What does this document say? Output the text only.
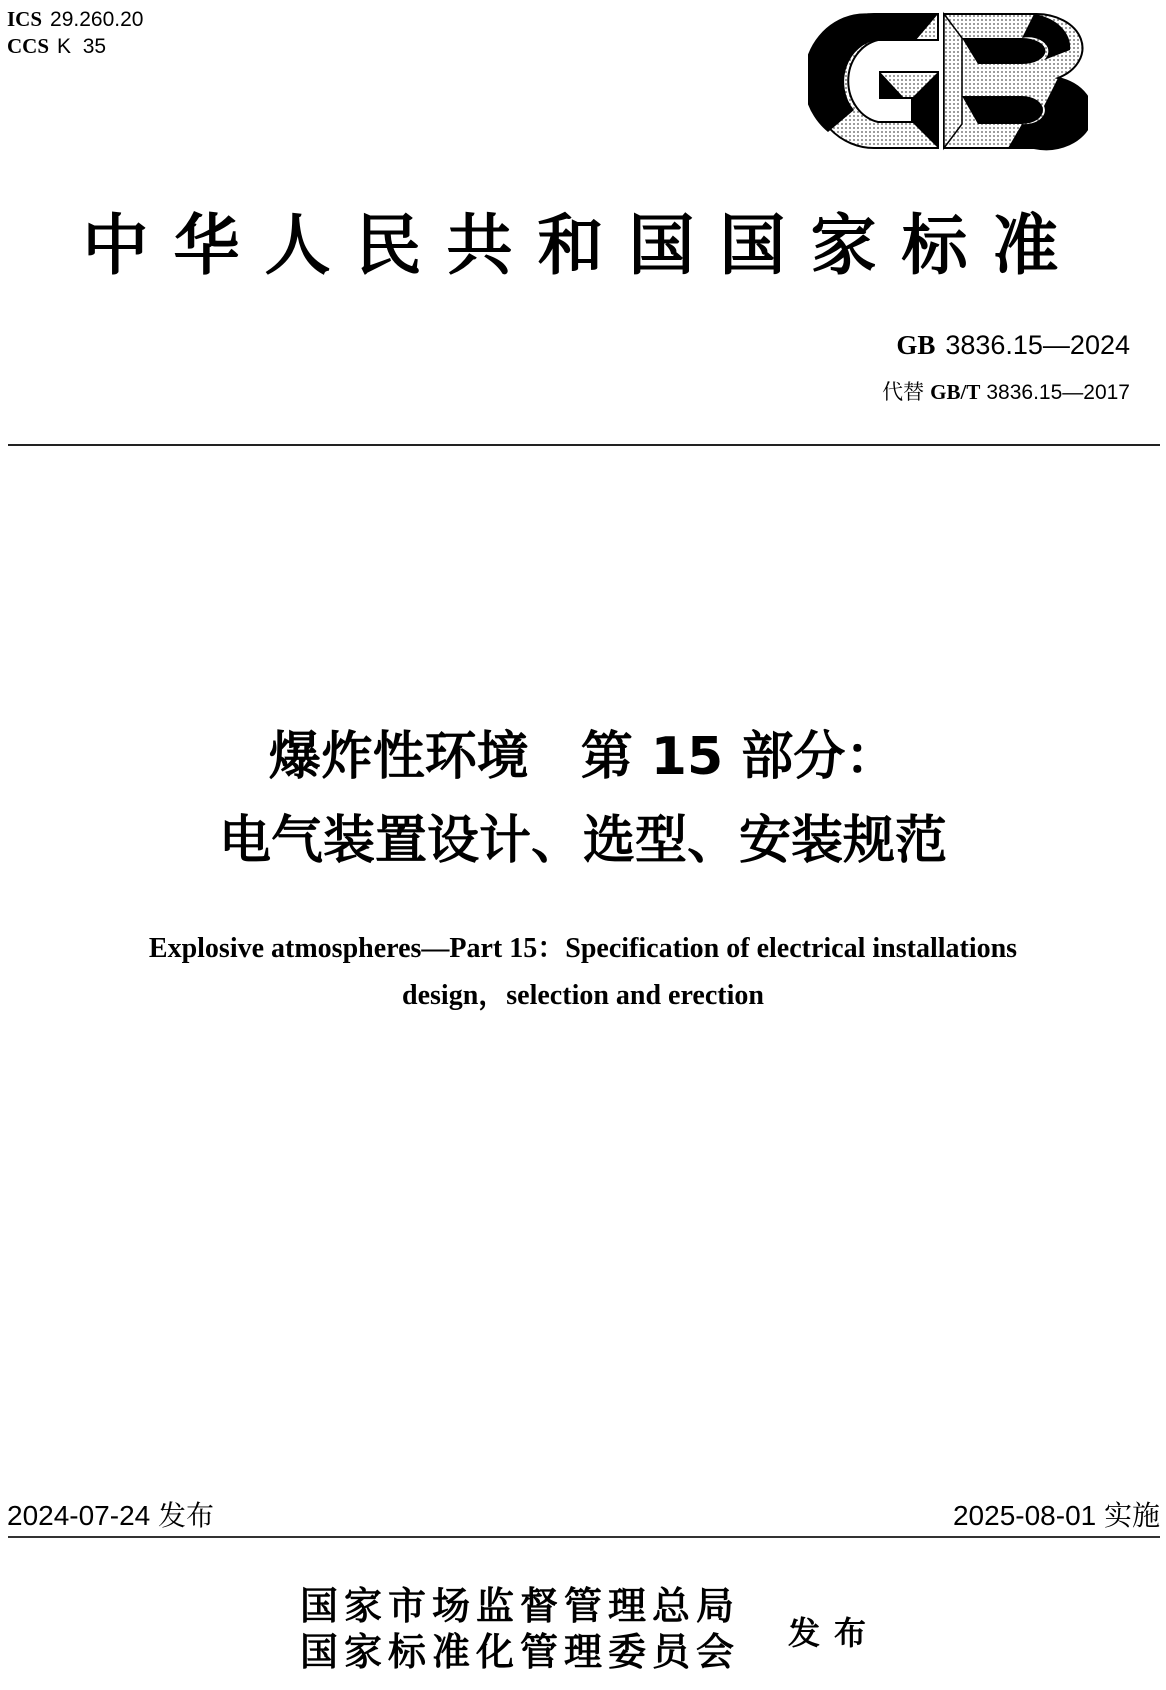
ICS 29.260.20
CCS K  35
中华人民共和国国家标准
GB 3836.15—2024
代替 GB/T 3836.15—2017
爆炸性环境　第 15 部分：
电气装置设计、选型、安装规范
Explosive atmospheres—Part 15：Specification of electrical installations
design，selection and erection
2024-07-24 发布	2025-08-01 实施
国家市场监督管理总局
国家标准化管理委员会 发布
